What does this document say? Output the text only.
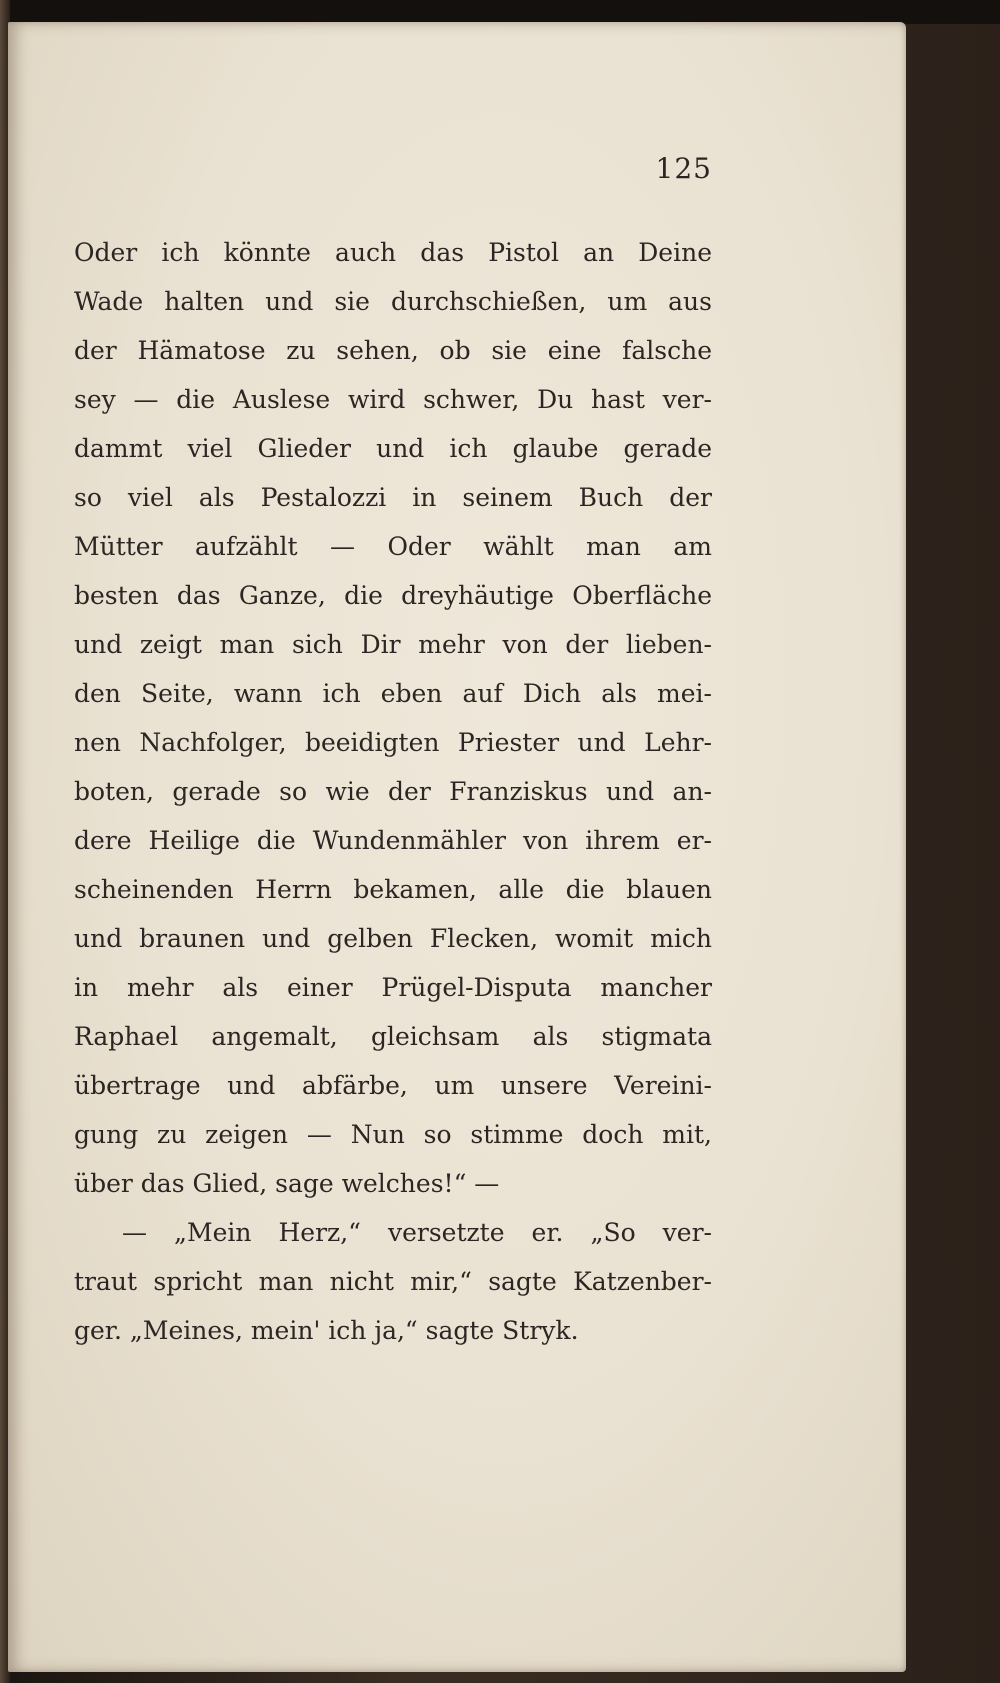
125

Oder ich könnte auch das Pistol an Deine
Wade halten und sie durchschießen, um aus
der Hämatose zu sehen, ob sie eine falsche
sey — die Auslese wird schwer, Du hast ver-
dammt viel Glieder und ich glaube gerade
so viel als Pestalozzi in seinem Buch der
Mütter aufzählt — Oder wählt man am
besten das Ganze, die dreyhäutige Oberfläche
und zeigt man sich Dir mehr von der lieben-
den Seite, wann ich eben auf Dich als mei-
nen Nachfolger, beeidigten Priester und Lehr-
boten, gerade so wie der Franziskus und an-
dere Heilige die Wundenmähler von ihrem er-
scheinenden Herrn bekamen, alle die blauen
und braunen und gelben Flecken, womit mich
in mehr als einer Prügel-Disputa mancher
Raphael angemalt, gleichsam als stigmata
übertrage und abfärbe, um unsere Vereini-
gung zu zeigen — Nun so stimme doch mit,
über das Glied, sage welches!“ —
— „Mein Herz,“ versetzte er. „So ver-
traut spricht man nicht mir,“ sagte Katzenber-
ger. „Meines, mein' ich ja,“ sagte Stryk.
